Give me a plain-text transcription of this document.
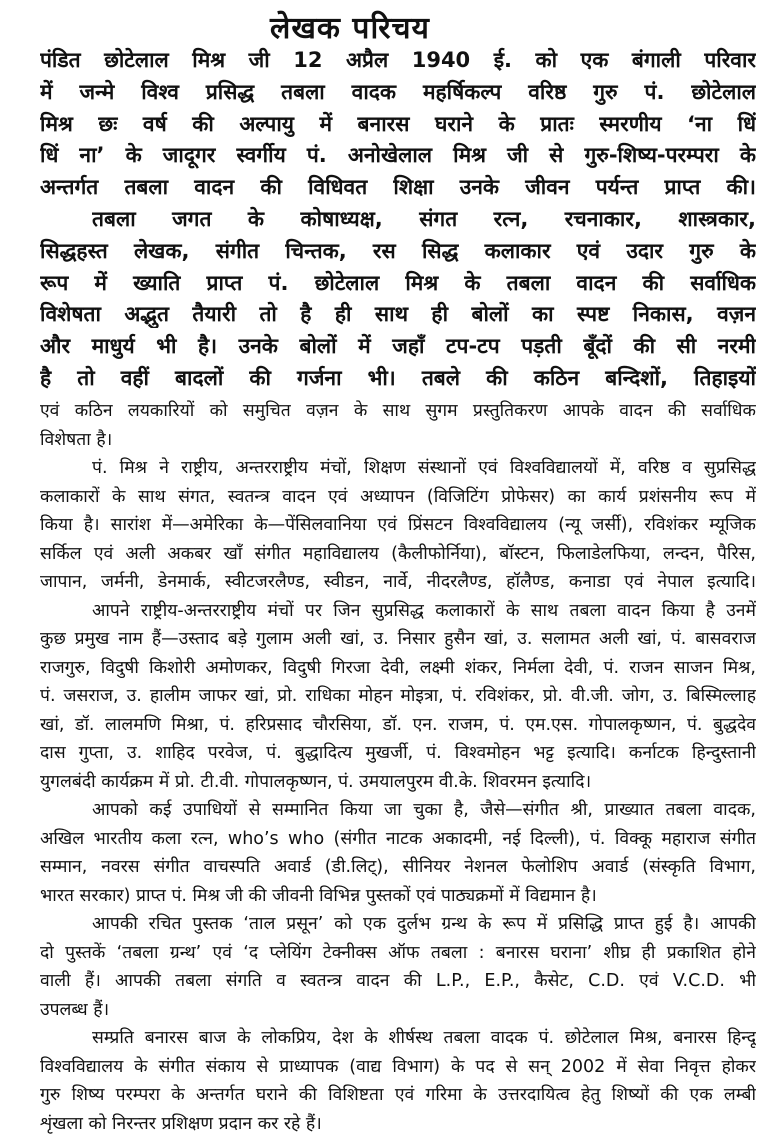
लेखक परिचय
पंडित छोटेलाल मिश्र जी 12 अप्रैल 1940 ई. को एक बंगाली परिवार
में जन्मे विश्व प्रसिद्ध तबला वादक महर्षिकल्प वरिष्ठ गुरु पं. छोटेलाल
मिश्र छः वर्ष की अल्पायु में बनारस घराने के प्रातः स्मरणीय ‘ना धिं
धिं ना’ के जादूगर स्वर्गीय पं. अनोखेलाल मिश्र जी से गुरु-शिष्य-परम्परा के
अन्तर्गत तबला वादन की विधिवत शिक्षा उनके जीवन पर्यन्त प्राप्त की।
तबला जगत के कोषाध्यक्ष, संगत रत्न, रचनाकार, शास्त्रकार,
सिद्धहस्त लेखक, संगीत चिन्तक, रस सिद्ध कलाकार एवं उदार गुरु के
रूप में ख्याति प्राप्त पं. छोटेलाल मिश्र के तबला वादन की सर्वाधिक
विशेषता अद्भुत तैयारी तो है ही साथ ही बोलों का स्पष्ट निकास, वज़न
और माधुर्य भी है। उनके बोलों में जहाँ टप-टप पड़ती बूँदों की सी नरमी
है तो वहीं बादलों की गर्जना भी। तबले की कठिन बन्दिशों, तिहाइयों
एवं कठिन लयकारियों को समुचित वज़न के साथ सुगम प्रस्तुतिकरण आपके वादन की सर्वाधिक
विशेषता है।
पं. मिश्र ने राष्ट्रीय, अन्तरराष्ट्रीय मंचों, शिक्षण संस्थानों एवं विश्वविद्यालयों में, वरिष्ठ व सुप्रसिद्ध
कलाकारों के साथ संगत, स्वतन्त्र वादन एवं अध्यापन (विजिटिंग प्रोफेसर) का कार्य प्रशंसनीय रूप में
किया है। सारांश में—अमेरिका के—पेंसिलवानिया एवं प्रिंसटन विश्वविद्यालय (न्यू जर्सी), रविशंकर म्यूजिक
सर्किल एवं अली अकबर खाँ संगीत महाविद्यालय (कैलीफोर्निया), बॉस्टन, फिलाडेलफिया, लन्दन, पैरिस,
जापान, जर्मनी, डेनमार्क, स्वीटजरलैण्ड, स्वीडन, नार्वे, नीदरलैण्ड, हॉलैण्ड, कनाडा एवं नेपाल इत्यादि।
आपने राष्ट्रीय-अन्तरराष्ट्रीय मंचों पर जिन सुप्रसिद्ध कलाकारों के साथ तबला वादन किया है उनमें
कुछ प्रमुख नाम हैं—उस्ताद बड़े गुलाम अली खां, उ. निसार हुसैन खां, उ. सलामत अली खां, पं. बासवराज
राजगुरु, विदुषी किशोरी अमोणकर, विदुषी गिरजा देवी, लक्ष्मी शंकर, निर्मला देवी, पं. राजन साजन मिश्र,
पं. जसराज, उ. हालीम जाफर खां, प्रो. राधिका मोहन मोइत्रा, पं. रविशंकर, प्रो. वी.जी. जोग, उ. बिस्मिल्लाह
खां, डॉ. लालमणि मिश्रा, पं. हरिप्रसाद चौरसिया, डॉ. एन. राजम, पं. एम.एस. गोपालकृष्णन, पं. बुद्धदेव
दास गुप्ता, उ. शाहिद परवेज, पं. बुद्धादित्य मुखर्जी, पं. विश्वमोहन भट्ट इत्यादि। कर्नाटक हिन्दुस्तानी
युगलबंदी कार्यक्रम में प्रो. टी.वी. गोपालकृष्णन, पं. उमयालपुरम वी.के. शिवरमन इत्यादि।
आपको कई उपाधियों से सम्मानित किया जा चुका है, जैसे—संगीत श्री, प्राख्यात तबला वादक,
अखिल भारतीय कला रत्न, who’s who (संगीत नाटक अकादमी, नई दिल्ली), पं. विक्कू महाराज संगीत
सम्मान, नवरस संगीत वाचस्पति अवार्ड (डी.लिट्), सीनियर नेशनल फेलोशिप अवार्ड (संस्कृति विभाग,
भारत सरकार) प्राप्त पं. मिश्र जी की जीवनी विभिन्न पुस्तकों एवं पाठ्यक्रमों में विद्यमान है।
आपकी रचित पुस्तक ‘ताल प्रसून’ को एक दुर्लभ ग्रन्थ के रूप में प्रसिद्धि प्राप्त हुई है। आपकी
दो पुस्तकें ‘तबला ग्रन्थ’ एवं ‘द प्लेयिंग टेक्नीक्स ऑफ तबला : बनारस घराना’ शीघ्र ही प्रकाशित होने
वाली हैं। आपकी तबला संगति व स्वतन्त्र वादन की L.P., E.P., कैसेट, C.D. एवं V.C.D. भी
उपलब्ध हैं।
सम्प्रति बनारस बाज के लोकप्रिय, देश के शीर्षस्थ तबला वादक पं. छोटेलाल मिश्र, बनारस हिन्दू
विश्वविद्यालय के संगीत संकाय से प्राध्यापक (वाद्य विभाग) के पद से सन् 2002 में सेवा निवृत्त होकर
गुरु शिष्य परम्परा के अन्तर्गत घराने की विशिष्टता एवं गरिमा के उत्तरदायित्व हेतु शिष्यों की एक लम्बी
शृंखला को निरन्तर प्रशिक्षण प्रदान कर रहे हैं।
